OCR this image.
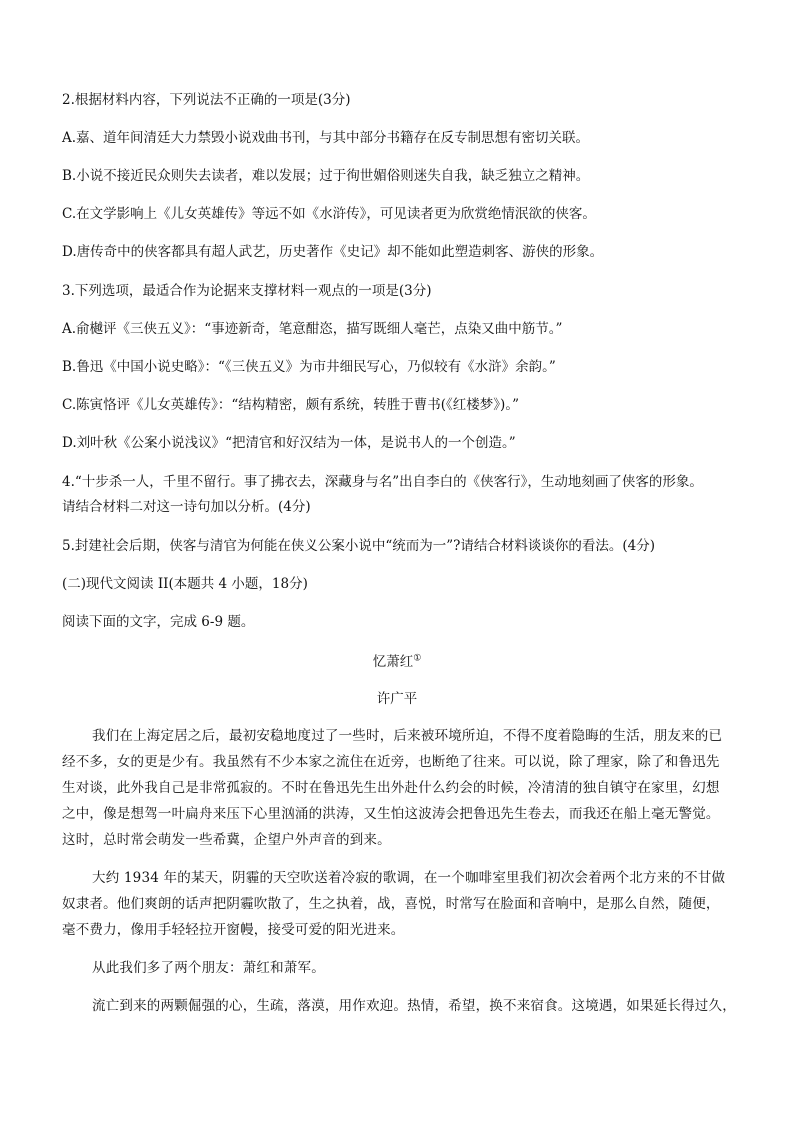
2.根据材料内容，下列说法不正确的一项是(3分)
A.嘉、道年间清廷大力禁毁小说戏曲书刊，与其中部分书籍存在反专制思想有密切关联。
B.小说不接近民众则失去读者，难以发展；过于徇世媚俗则迷失自我，缺乏独立之精神。
C.在文学影响上《儿女英雄传》等远不如《水浒传》，可见读者更为欣赏绝情泯欲的侠客。
D.唐传奇中的侠客都具有超人武艺，历史著作《史记》却不能如此塑造刺客、游侠的形象。
3.下列选项，最适合作为论据来支撑材料一观点的一项是(3分)
A.俞樾评《三侠五义》：“事迹新奇，笔意酣恣，描写既细人毫芒，点染又曲中筋节。”
B.鲁迅《中国小说史略》：“《三侠五义》为市井细民写心，乃似较有《水浒》余韵。”
C.陈寅恪评《儿女英雄传》：“结构精密，颇有系统，转胜于曹书(《红楼梦》)。”
D.刘叶秋《公案小说浅议》“把清官和好汉结为一体，是说书人的一个创造。”
4.“十步杀一人，千里不留行。事了拂衣去，深藏身与名”出自李白的《侠客行》，生动地刻画了侠客的形象。
请结合材料二对这一诗句加以分析。(4分)
5.封建社会后期，侠客与清官为何能在侠义公案小说中“统而为一”?请结合材料谈谈你的看法。(4分)
(二)现代文阅读 II(本题共 4 小题，18分)
阅读下面的文字，完成 6-9 题。
忆萧红①
许广平
我们在上海定居之后，最初安稳地度过了一些时，后来被环境所迫，不得不度着隐晦的生活，朋友来的已
经不多，女的更是少有。我虽然有不少本家之流住在近旁，也断绝了往来。可以说，除了理家，除了和鲁迅先
生对谈，此外我自己是非常孤寂的。不时在鲁迅先生出外赴什么约会的时候，冷清清的独自镇守在家里，幻想
之中，像是想驾一叶扁舟来压下心里汹涌的洪涛，又生怕这波涛会把鲁迅先生卷去，而我还在船上毫无警觉。
这时，总时常会萌发一些希冀，企望户外声音的到来。
大约 1934 年的某天，阴霾的天空吹送着冷寂的歌调，在一个咖啡室里我们初次会着两个北方来的不甘做
奴隶者。他们爽朗的话声把阴霾吹散了，生之执着，战，喜悦，时常写在脸面和音响中，是那么自然，随便，
毫不费力，像用手轻轻拉开窗幔，接受可爱的阳光进来。
从此我们多了两个朋友：萧红和萧军。
流亡到来的两颗倔强的心，生疏，落漠，用作欢迎。热情，希望，换不来宿食。这境遇，如果延长得过久，
